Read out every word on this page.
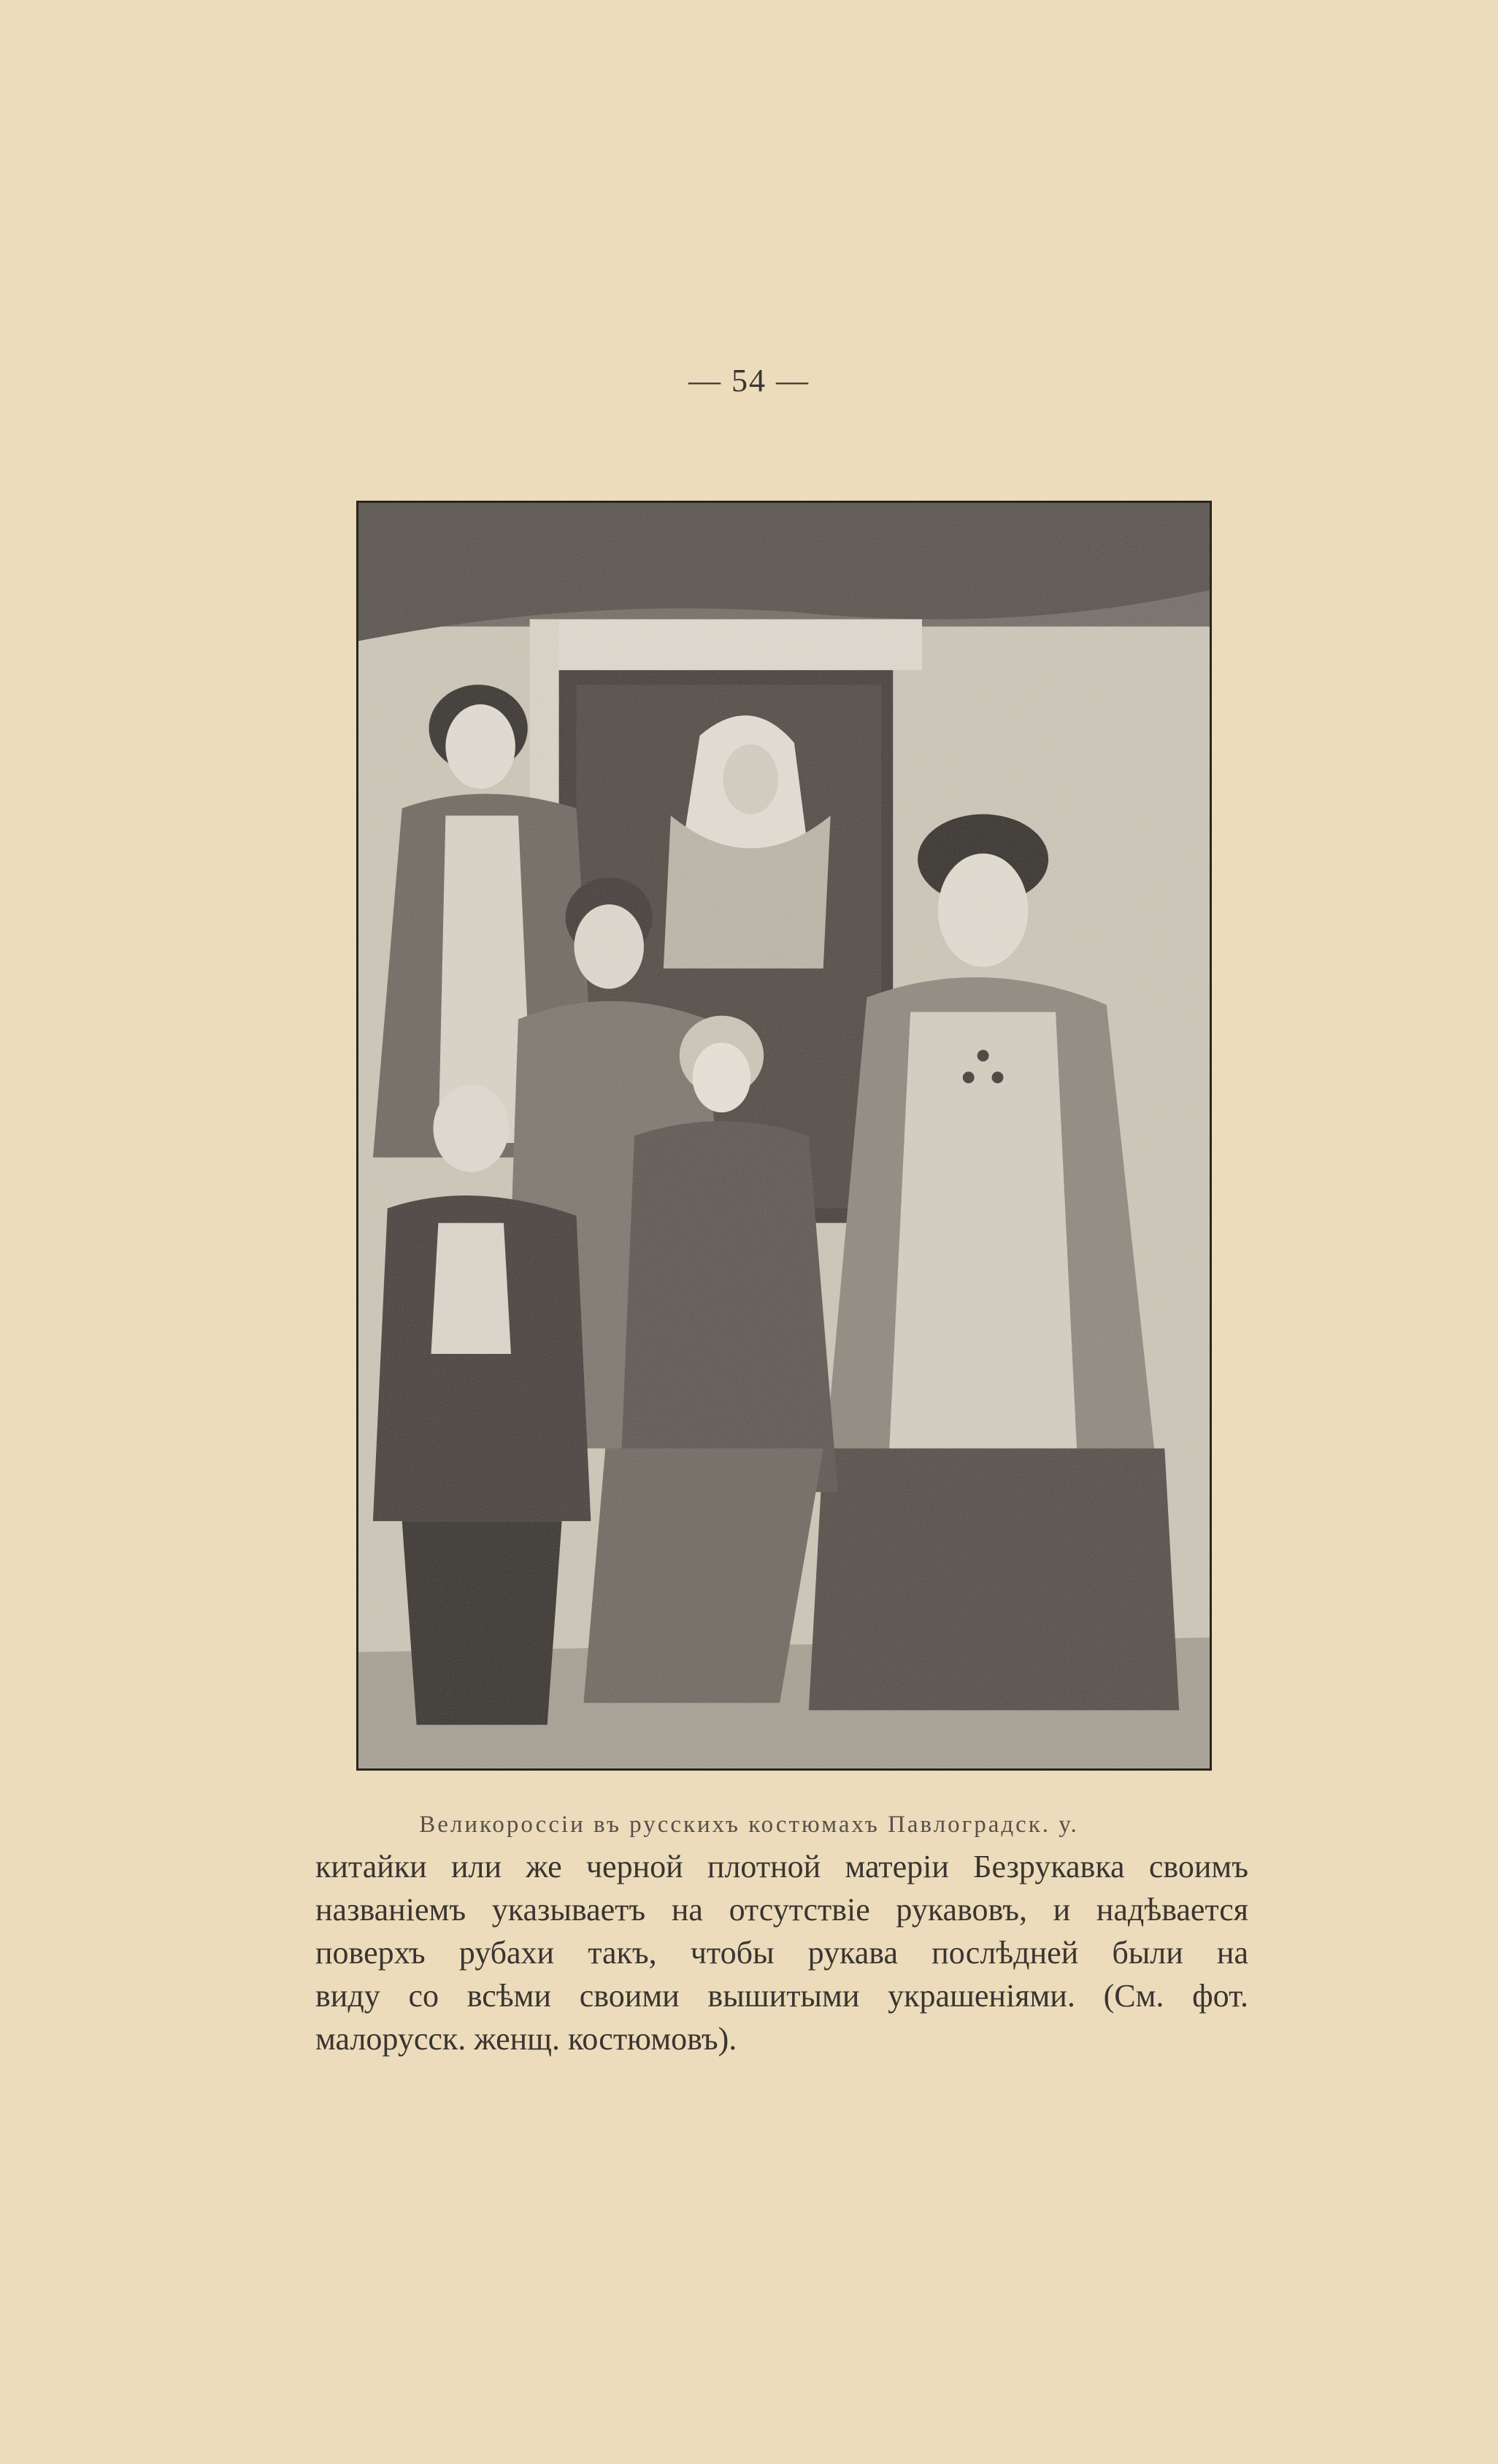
— 54 —
Великороссіи въ русскихъ костюмахъ Павлоградск. у.
китайки или же черной плотной матеріи Безрукавка своимъ
названіемъ указываетъ на отсутствіе рукавовъ, и надѣвается
поверхъ рубахи такъ, чтобы рукава послѣдней были на
виду со всѣми своими вышитыми украшеніями. (См. фот.
малорусск. женщ. костюмовъ).
